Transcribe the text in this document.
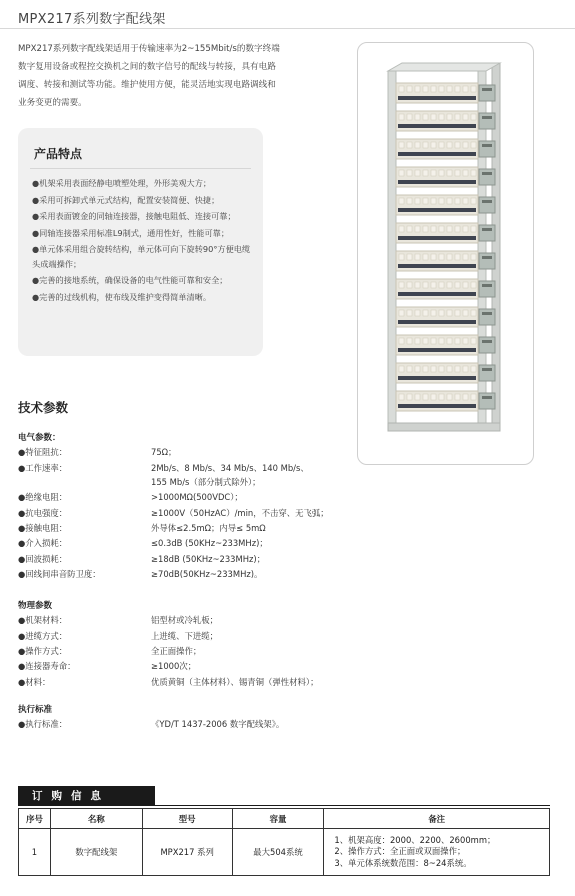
MPX217系列数字配线架
MPX217系列数字配线架适用于传输速率为2~155Mbit/s的数字终端数字复用设备或程控交换机之间的数字信号的配线与转接，具有电路调度、转接和测试等功能。维护使用方便，能灵活地实现电路调线和业务变更的需要。
产品特点
●机架采用表面经静电喷塑处理，外形美观大方；
●采用可拆卸式单元式结构，配置安装简便、快捷；
●采用表面镀金的同轴连接器，接触电阻低、连接可靠；
●同轴连接器采用标准L9制式，通用性好，性能可靠；
●单元体采用组合旋转结构，单元体可向下旋转90°方便电缆头成端操作；
●完善的接地系统，确保设备的电气性能可靠和安全；
●完善的过线机构，使布线及维护变得简单清晰。
技术参数
电气参数：
●特征阻抗：	75Ω；
●工作速率：	2Mb/s、8 Mb/s、34 Mb/s、140 Mb/s、
155 Mb/s（部分制式除外）；
●绝缘电阻：	>1000MΩ(500VDC）；
●抗电强度：	≥1000V（50HzAC）/min，不击穿、无飞弧；
●接触电阻：	外导体≤2.5mΩ；内导≤ 5mΩ
●介入损耗：	≤0.3dB (50KHz~233MHz)；
●回波损耗：	≥18dB (50KHz~233MHz)；
●回线间串音防卫度：	≥70dB(50KHz~233MHz)。
物理参数
●机架材料：	铝型材或冷轧板；
●进缆方式：	上进缆、下进缆；
●操作方式：	全正面操作；
●连接器寿命：	≥1000次；
●材料：	优质黄铜（主体材料）、锡青铜（弹性材料）；
执行标准
●执行标准：	《YD/T 1437-2006 数字配线架》。
订购信息
序号	名称	型号	容量	备注
1	数字配线架	MPX217 系列	最大504系统	1、机架高度：2000、2200、2600mm；
2、操作方式：全正面或双面操作；
3、单元体系统数范围：8~24系统。
